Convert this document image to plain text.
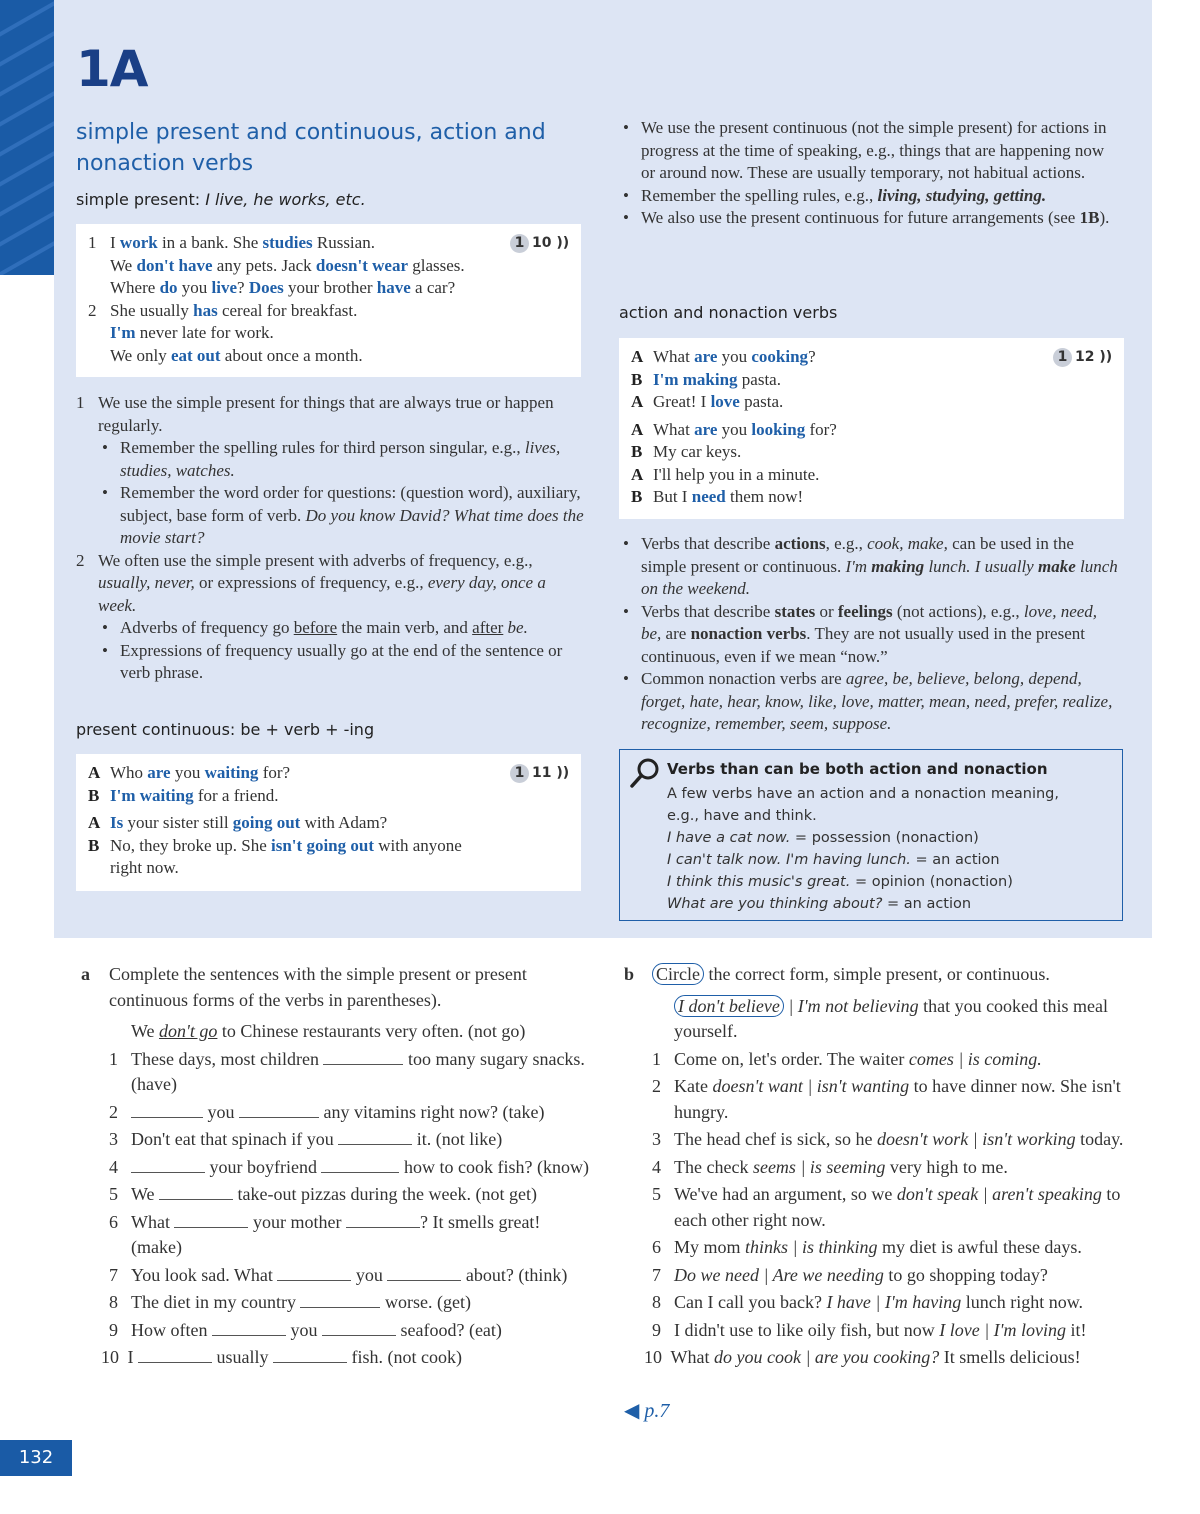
1A
simple present and continuous, action and nonaction verbs
simple present: I live, he works, etc.
1 10 ))
1 I work in a bank. She studies Russian.
We don't have any pets. Jack doesn't wear glasses.
Where do you live? Does your brother have a car?
2 She usually has cereal for breakfast.
I'm never late for work.
We only eat out about once a month.
1 We use the simple present for things that are always true or happen regularly.
• Remember the spelling rules for third person singular, e.g., lives, studies, watches.
• Remember the word order for questions: (question word), auxiliary, subject, base form of verb. Do you know David? What time does the movie start?
2 We often use the simple present with adverbs of frequency, e.g., usually, never, or expressions of frequency, e.g., every day, once a week.
• Adverbs of frequency go before the main verb, and after be.
• Expressions of frequency usually go at the end of the sentence or verb phrase.
present continuous: be + verb + -ing
1 11 ))
A Who are you waiting for?
B I'm waiting for a friend.
A Is your sister still going out with Adam?
B No, they broke up. She isn't going out with anyone
right now.
• We use the present continuous (not the simple present) for actions in progress at the time of speaking, e.g., things that are happening now or around now. These are usually temporary, not habitual actions.
• Remember the spelling rules, e.g., living, studying, getting.
• We also use the present continuous for future arrangements (see 1B).
action and nonaction verbs
1 12 ))
A What are you cooking?
B I'm making pasta.
A Great! I love pasta.
A What are you looking for?
B My car keys.
A I'll help you in a minute.
B But I need them now!
• Verbs that describe actions, e.g., cook, make, can be used in the simple present or continuous. I'm making lunch. I usually make lunch on the weekend.
• Verbs that describe states or feelings (not actions), e.g., love, need, be, are nonaction verbs. They are not usually used in the present continuous, even if we mean “now.”
• Common nonaction verbs are agree, be, believe, belong, depend, forget, hate, hear, know, like, love, matter, mean, need, prefer, realize, recognize, remember, seem, suppose.
Verbs than can be both action and nonaction
A few verbs have an action and a nonaction meaning,
e.g., have and think.
I have a cat now. = possession (nonaction)
I can't talk now. I'm having lunch. = an action
I think this music's great. = opinion (nonaction)
What are you thinking about? = an action
a Complete the sentences with the simple present or present continuous forms of the verbs in parentheses).
We don't go to Chinese restaurants very often. (not go)
1 These days, most children	too many sugary snacks. (have)
2	you	any vitamins right now? (take)
3 Don't eat that spinach if you	it. (not like)
4	your boyfriend	how to cook fish? (know)
5 We	take-out pizzas during the week. (not get)
6 What	your mother	? It smells great! (make)
7 You look sad. What	you	about? (think)
8 The diet in my country	worse. (get)
9 How often	you	seafood? (eat)
10 I	usually	fish. (not cook)
b Circle the correct form, simple present, or continuous.
I don't believe | I'm not believing that you cooked this meal yourself.
1 Come on, let's order. The waiter comes | is coming.
2 Kate doesn't want | isn't wanting to have dinner now. She isn't hungry.
3 The head chef is sick, so he doesn't work | isn't working today.
4 The check seems | is seeming very high to me.
5 We've had an argument, so we don't speak | aren't speaking to each other right now.
6 My mom thinks | is thinking my diet is awful these days.
7 Do we need | Are we needing to go shopping today?
8 Can I call you back? I have | I'm having lunch right now.
9 I didn't use to like oily fish, but now I love | I'm loving it!
10 What do you cook | are you cooking? It smells delicious!
◀ p.7
132
